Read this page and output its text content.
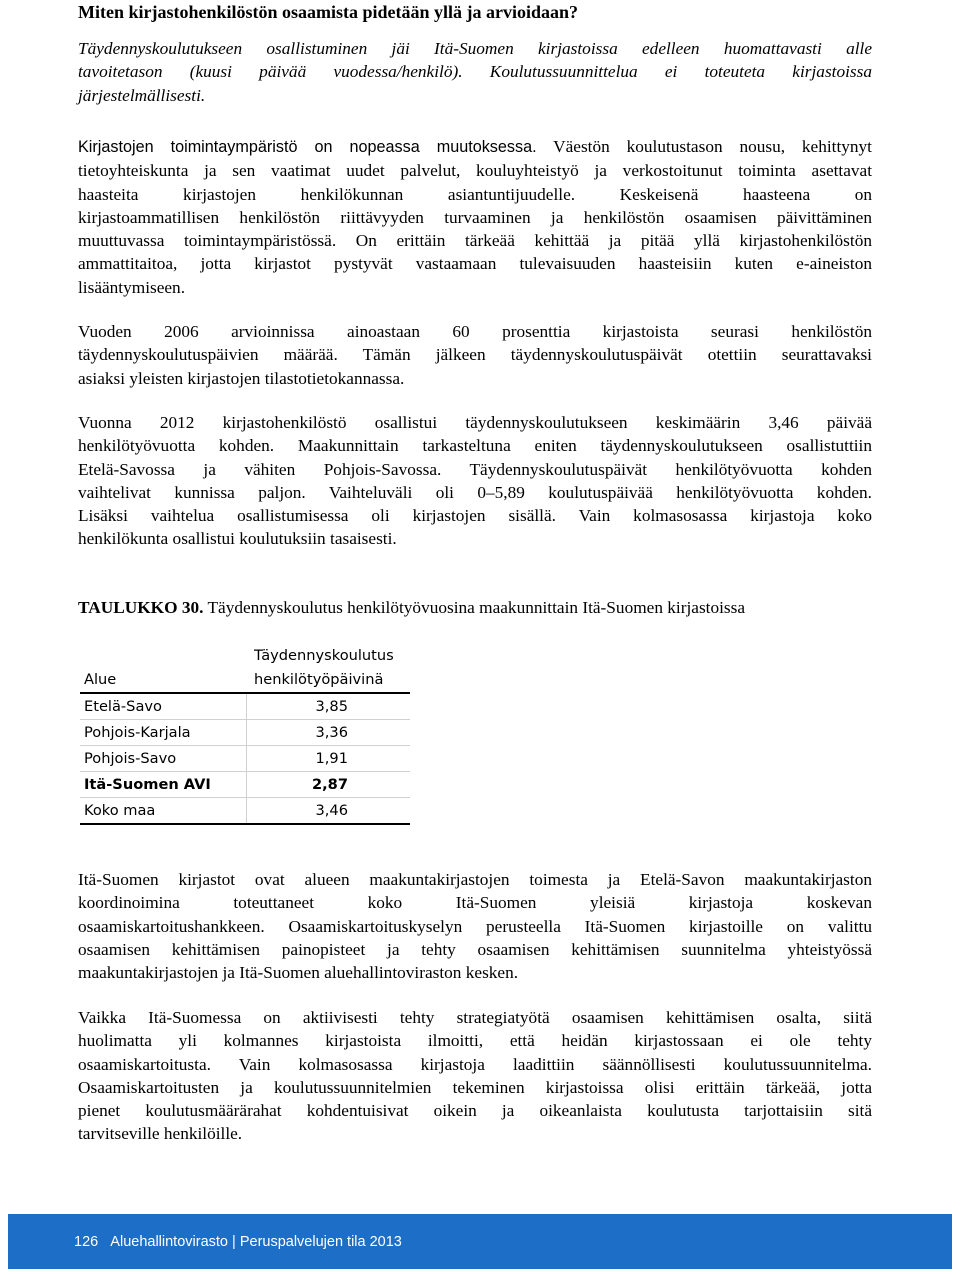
Miten kirjastohenkilöstön osaamista pidetään yllä ja arvioidaan?
Täydennyskoulutukseen osallistuminen jäi Itä-Suomen kirjastoissa edelleen huomattavasti alle
tavoitetason (kuusi päivää vuodessa/henkilö). Koulutussuunnittelua ei toteuteta kirjastoissa
järjestelmällisesti.
Kirjastojen toimintaympäristö on nopeassa muutoksessa. Väestön koulutustason nousu, kehittynyt
tietoyhteiskunta ja sen vaatimat uudet palvelut, kouluyhteistyö ja verkostoitunut toiminta asettavat
haasteita kirjastojen henkilökunnan asiantuntijuudelle. Keskeisenä haasteena on
kirjastoammatillisen henkilöstön riittävyyden turvaaminen ja henkilöstön osaamisen päivittäminen
muuttuvassa toimintaympäristössä. On erittäin tärkeää kehittää ja pitää yllä kirjastohenkilöstön
ammattitaitoa, jotta kirjastot pystyvät vastaamaan tulevaisuuden haasteisiin kuten e-aineiston
lisääntymiseen.
Vuoden 2006 arvioinnissa ainoastaan 60 prosenttia kirjastoista seurasi henkilöstön
täydennyskoulutuspäivien määrää. Tämän jälkeen täydennyskoulutuspäivät otettiin seurattavaksi
asiaksi yleisten kirjastojen tilastotietokannassa.
Vuonna 2012 kirjastohenkilöstö osallistui täydennyskoulutukseen keskimäärin 3,46 päivää
henkilötyövuotta kohden. Maakunnittain tarkasteltuna eniten täydennyskoulutukseen osallistuttiin
Etelä-Savossa ja vähiten Pohjois-Savossa. Täydennyskoulutuspäivät henkilötyövuotta kohden
vaihtelivat kunnissa paljon. Vaihteluväli oli 0–5,89 koulutuspäivää henkilötyövuotta kohden.
Lisäksi vaihtelua osallistumisessa oli kirjastojen sisällä. Vain kolmasosassa kirjastoja koko
henkilökunta osallistui koulutuksiin tasaisesti.

TAULUKKO 30. Täydennyskoulutus henkilötyövuosina maakunnittain Itä-Suomen kirjastoissa

Alue	Täydennyskoulutus
henkilötyöpäivinä
Etelä-Savo	3,85
Pohjois-Karjala	3,36
Pohjois-Savo	1,91
Itä-Suomen AVI	2,87
Koko maa	3,46
Itä-Suomen kirjastot ovat alueen maakuntakirjastojen toimesta ja Etelä-Savon maakuntakirjaston
koordinoimina toteuttaneet koko Itä-Suomen yleisiä kirjastoja koskevan
osaamiskartoitushankkeen. Osaamiskartoituskyselyn perusteella Itä-Suomen kirjastoille on valittu
osaamisen kehittämisen painopisteet ja tehty osaamisen kehittämisen suunnitelma yhteistyössä
maakuntakirjastojen ja Itä-Suomen aluehallintoviraston kesken.
Vaikka Itä-Suomessa on aktiivisesti tehty strategiatyötä osaamisen kehittämisen osalta, siitä
huolimatta yli kolmannes kirjastoista ilmoitti, että heidän kirjastossaan ei ole tehty
osaamiskartoitusta. Vain kolmasosassa kirjastoja laadittiin säännöllisesti koulutussuunnitelma.
Osaamiskartoitusten ja koulutussuunnitelmien tekeminen kirjastoissa olisi erittäin tärkeää, jotta
pienet koulutusmäärärahat kohdentuisivat oikein ja oikeanlaista koulutusta tarjottaisiin sitä
tarvitseville henkilöille.
126 Aluehallintovirasto | Peruspalvelujen tila 2013
